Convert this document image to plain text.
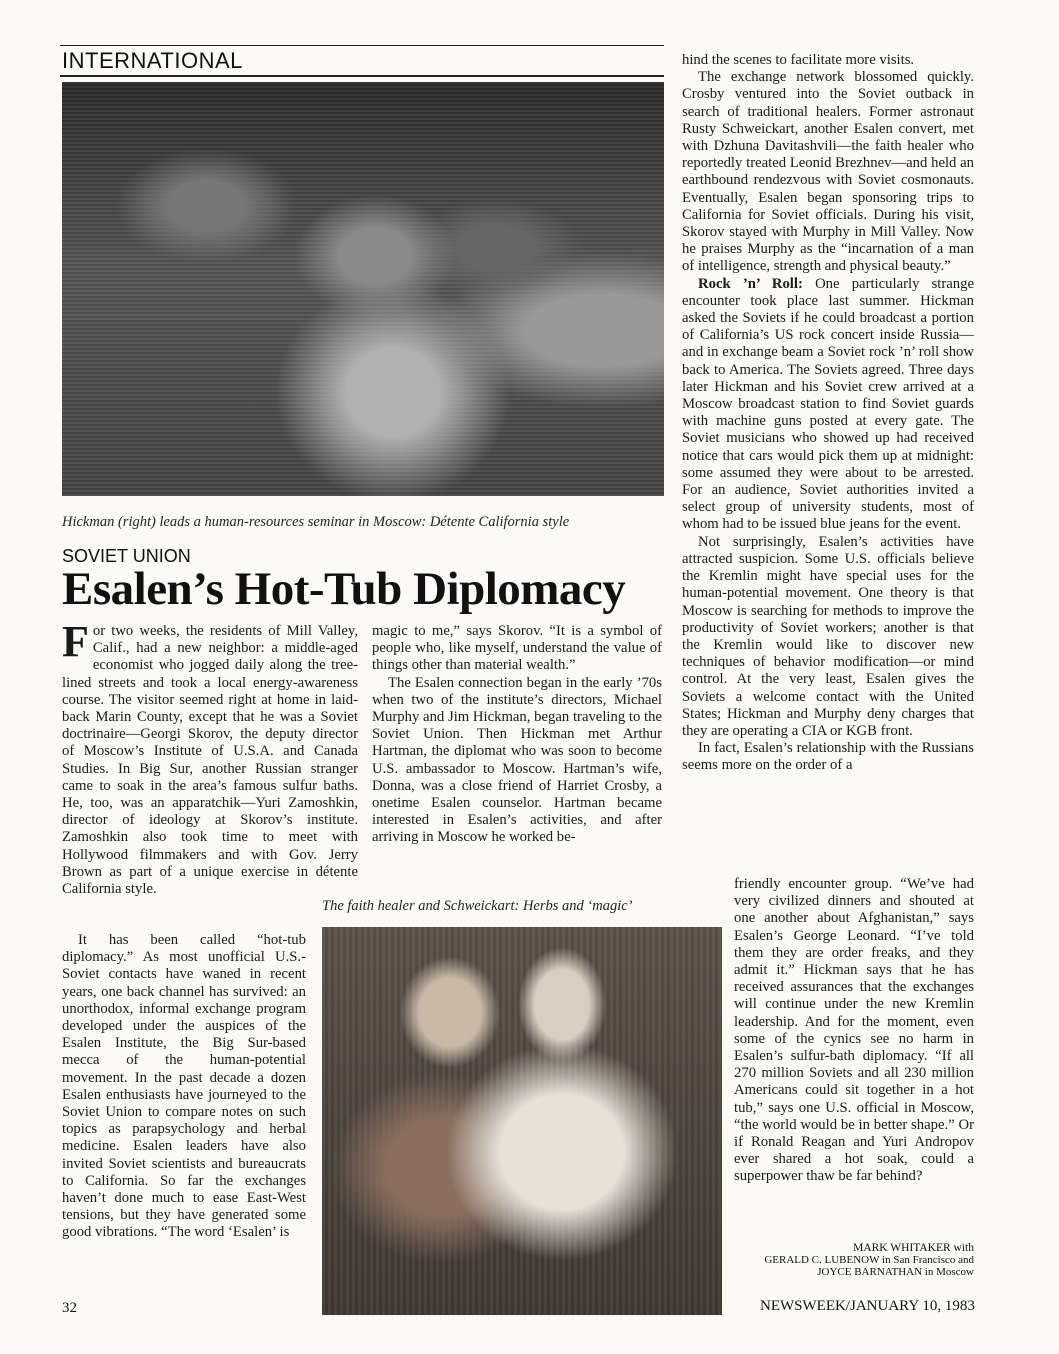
INTERNATIONAL
Hickman (right) leads a human-resources seminar in Moscow: Détente California style
SOVIET UNION
Esalen’s Hot-Tub Diplomacy

For two weeks, the residents of Mill Valley, Calif., had a new neighbor: a middle-aged economist who jogged daily along the tree-lined streets and took a local energy-awareness course. The visitor seemed right at home in laid-back Marin County, except that he was a Soviet doctrinaire—Georgi Skorov, the deputy director of Moscow’s Institute of U.S.A. and Canada Studies. In Big Sur, another Russian stranger came to soak in the area’s famous sulfur baths. He, too, was an apparatchik—Yuri Zamoshkin, director of ideology at Skorov’s institute. Zamoshkin also took time to meet with Hollywood filmmakers and with Gov. Jerry Brown as part of a unique exercise in détente California style.

It has been called “hot-tub diplomacy.” As most unofficial U.S.-Soviet contacts have waned in recent years, one back channel has survived: an unorthodox, informal exchange program developed under the auspices of the Esalen Institute, the Big Sur-based mecca of the human-potential movement. In the past decade a dozen Esalen enthusiasts have journeyed to the Soviet Union to compare notes on such topics as parapsychology and herbal medicine. Esalen leaders have also invited Soviet scientists and bureaucrats to California. So far the exchanges haven’t done much to ease East-West tensions, but they have generated some good vibrations. “The word ‘Esalen’ is

magic to me,” says Skorov. “It is a symbol of people who, like myself, understand the value of things other than material wealth.”

The Esalen connection began in the early ’70s when two of the institute’s directors, Michael Murphy and Jim Hickman, began traveling to the Soviet Union. Then Hickman met Arthur Hartman, the diplomat who was soon to become U.S. ambassador to Moscow. Hartman’s wife, Donna, was a close friend of Harriet Crosby, a onetime Esalen counselor. Hartman became interested in Esalen’s activities, and after arriving in Moscow he worked be-

The faith healer and Schweickart: Herbs and ‘magic’

hind the scenes to facilitate more visits.

The exchange network blossomed quickly. Crosby ventured into the Soviet outback in search of traditional healers. Former astronaut Rusty Schweickart, another Esalen convert, met with Dzhuna Davitashvili—the faith healer who reportedly treated Leonid Brezhnev—and held an earthbound rendezvous with Soviet cosmonauts. Eventually, Esalen began sponsoring trips to California for Soviet officials. During his visit, Skorov stayed with Murphy in Mill Valley. Now he praises Murphy as the “incarnation of a man of intelligence, strength and physical beauty.”

Rock ’n’ Roll: One particularly strange encounter took place last summer. Hickman asked the Soviets if he could broadcast a portion of California’s US rock concert inside Russia—and in exchange beam a Soviet rock ’n’ roll show back to America. The Soviets agreed. Three days later Hickman and his Soviet crew arrived at a Moscow broadcast station to find Soviet guards with machine guns posted at every gate. The Soviet musicians who showed up had received notice that cars would pick them up at midnight: some assumed they were about to be arrested. For an audience, Soviet authorities invited a select group of university students, most of whom had to be issued blue jeans for the event.

Not surprisingly, Esalen’s activities have attracted suspicion. Some U.S. officials believe the Kremlin might have special uses for the human-potential movement. One theory is that Moscow is searching for methods to improve the productivity of Soviet workers; another is that the Kremlin would like to discover new techniques of behavior modification—or mind control. At the very least, Esalen gives the Soviets a welcome contact with the United States; Hickman and Murphy deny charges that they are operating a CIA or KGB front.

In fact, Esalen’s relationship with the Russians seems more on the order of a

friendly encounter group. “We’ve had very civilized dinners and shouted at one another about Afghanistan,” says Esalen’s George Leonard. “I’ve told them they are order freaks, and they admit it.” Hickman says that he has received assurances that the exchanges will continue under the new Kremlin leadership. And for the moment, even some of the cynics see no harm in Esalen’s sulfur-bath diplomacy. “If all 270 million Soviets and all 230 million Americans could sit together in a hot tub,” says one U.S. official in Moscow, “the world would be in better shape.” Or if Ronald Reagan and Yuri Andropov ever shared a hot soak, could a superpower thaw be far behind?

MARK WHITAKER with
GERALD C. LUBENOW in San Francisco and
JOYCE BARNATHAN in Moscow
32	NEWSWEEK/JANUARY 10, 1983
